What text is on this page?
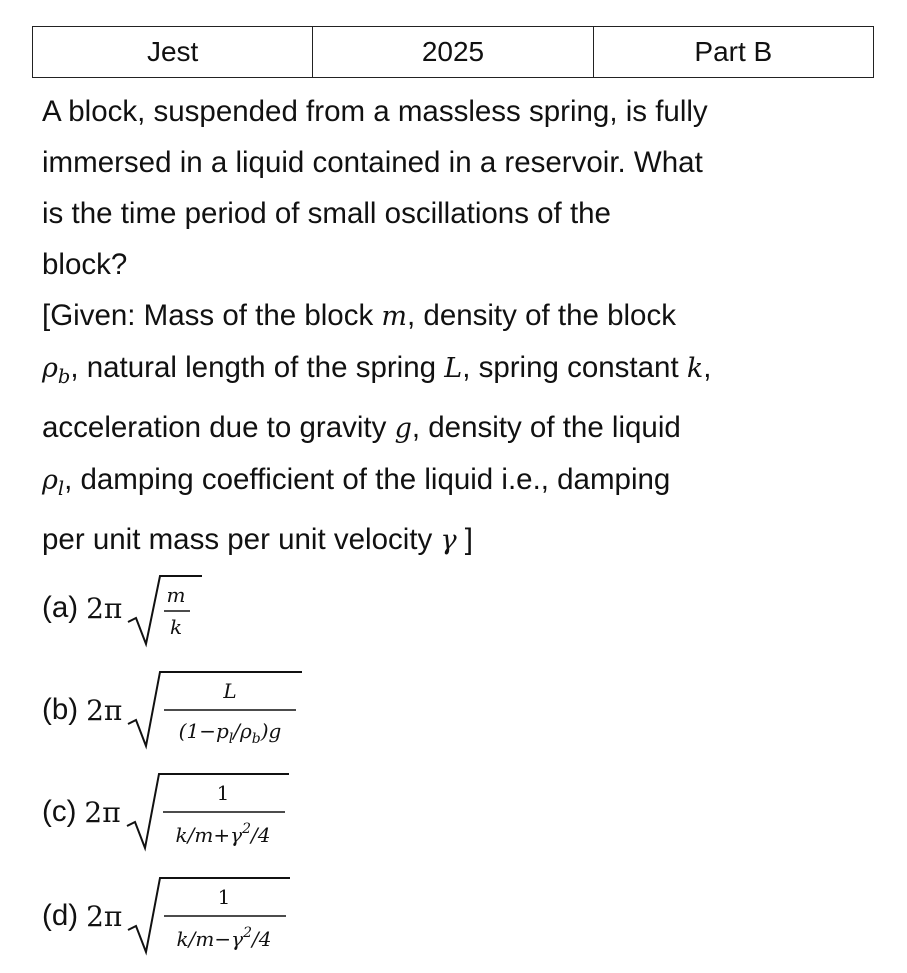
Jest	2025	Part B

A block, suspended from a massless spring, is fully

immersed in a liquid contained in a reservoir. What

is the time period of small oscillations of the

block?

[Given: Mass of the block m, density of the block

$\rho_b$, natural length of the spring L, spring constant k,

acceleration due to gravity g, density of the liquid

$\rho_l$, damping coefficient of the liquid i.e., damping

per unit mass per unit velocity γ ]

(a) 2π m
k
(b) 2π
L
$(1-p_l/\rho_b)g$
(c) 2π
1
$k/m+\gamma^2/4$
(d) 2π
1
$k/m-\gamma^2/4$
